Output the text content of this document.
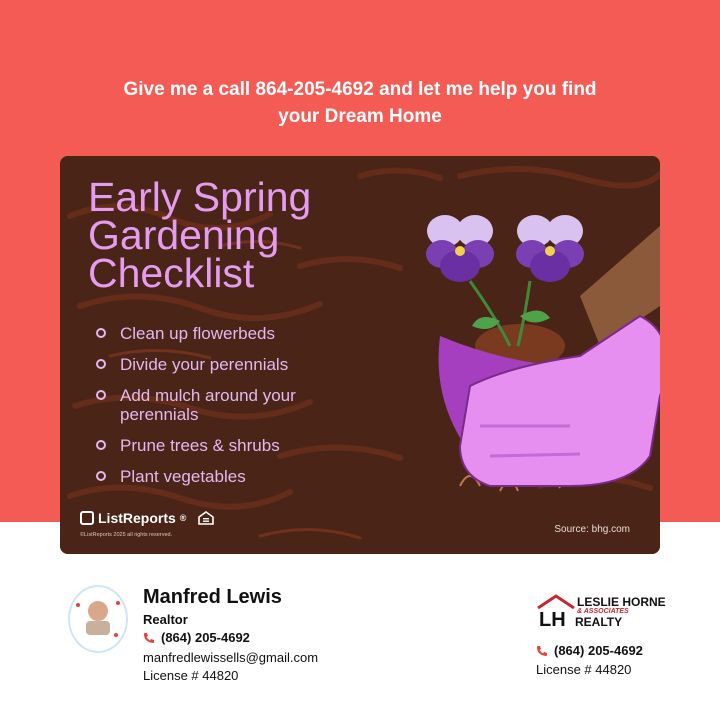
Give me a call 864-205-4692 and let me help you find
your Dream Home
Early Spring
Gardening
Checklist
Clean up flowerbeds
Divide your perennials
Add mulch around your perennials
Prune trees & shrubs
Plant vegetables
ListReports ®
©ListReports 2025 all rights reserved.	Source: bhg.com
Manfred Lewis
Realtor
(864) 205-4692
manfredlewissells@gmail.com
License # 44820
LH
LESLIE HORNE
& ASSOCIATES
REALTY
(864) 205-4692
License # 44820
